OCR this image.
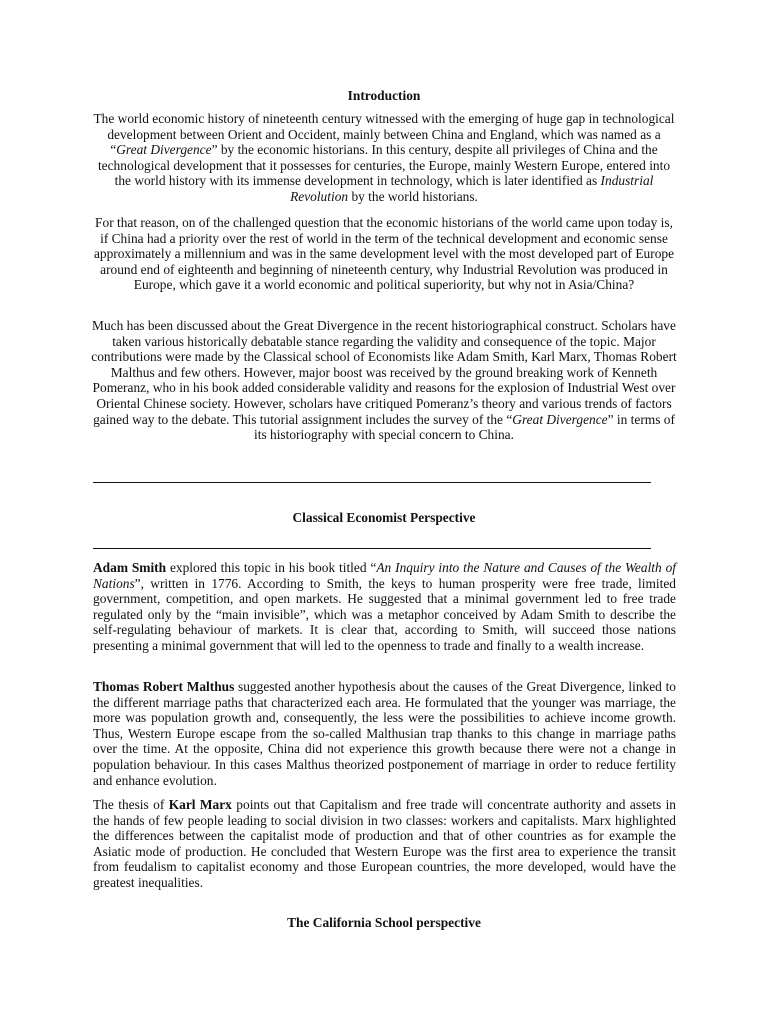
Introduction

The world economic history of nineteenth century witnessed with the emerging of huge gap in technological development between Orient and Occident, mainly between China and England, which was named as a “Great Divergence” by the economic historians. In this century, despite all privileges of China and the technological development that it possesses for centuries, the Europe, mainly Western Europe, entered into the world history with its immense development in technology, which is later identified as Industrial Revolution by the world historians.

For that reason, on of the challenged question that the economic historians of the world came upon today is, if China had a priority over the rest of world in the term of the technical development and economic sense approximately a millennium and was in the same development level with the most developed part of Europe around end of eighteenth and beginning of nineteenth century, why Industrial Revolution was produced in Europe, which gave it a world economic and political superiority, but why not in Asia/China?

Much has been discussed about the Great Divergence in the recent historiographical construct. Scholars have taken various historically debatable stance regarding the validity and consequence of the topic. Major contributions were made by the Classical school of Economists like Adam Smith, Karl Marx, Thomas Robert Malthus and few others. However, major boost was received by the ground breaking work of Kenneth Pomeranz, who in his book added considerable validity and reasons for the explosion of Industrial West over Oriental Chinese society. However, scholars have critiqued Pomeranz’s theory and various trends of factors gained way to the debate. This tutorial assignment includes the survey of the “Great Divergence” in terms of its historiography with special concern to China.

Classical Economist Perspective

Adam Smith explored this topic in his book titled “An Inquiry into the Nature and Causes of the Wealth of Nations”, written in 1776. According to Smith, the keys to human prosperity were free trade, limited government, competition, and open markets. He suggested that a minimal government led to free trade regulated only by the “main invisible”, which was a metaphor conceived by Adam Smith to describe the self-regulating behaviour of markets. It is clear that, according to Smith, will succeed those nations presenting a minimal government that will led to the openness to trade and finally to a wealth increase.

Thomas Robert Malthus suggested another hypothesis about the causes of the Great Divergence, linked to the different marriage paths that characterized each area. He formulated that the younger was marriage, the more was population growth and, consequently, the less were the possibilities to achieve income growth. Thus, Western Europe escape from the so-called Malthusian trap thanks to this change in marriage paths over the time. At the opposite, China did not experience this growth because there were not a change in population behaviour. In this cases Malthus theorized postponement of marriage in order to reduce fertility and enhance evolution.

The thesis of Karl Marx points out that Capitalism and free trade will concentrate authority and assets in the hands of few people leading to social division in two classes: workers and capitalists. Marx highlighted the differences between the capitalist mode of production and that of other countries as for example the Asiatic mode of production. He concluded that Western Europe was the first area to experience the transit from feudalism to capitalist economy and those European countries, the more developed, would have the greatest inequalities.

The California School perspective
